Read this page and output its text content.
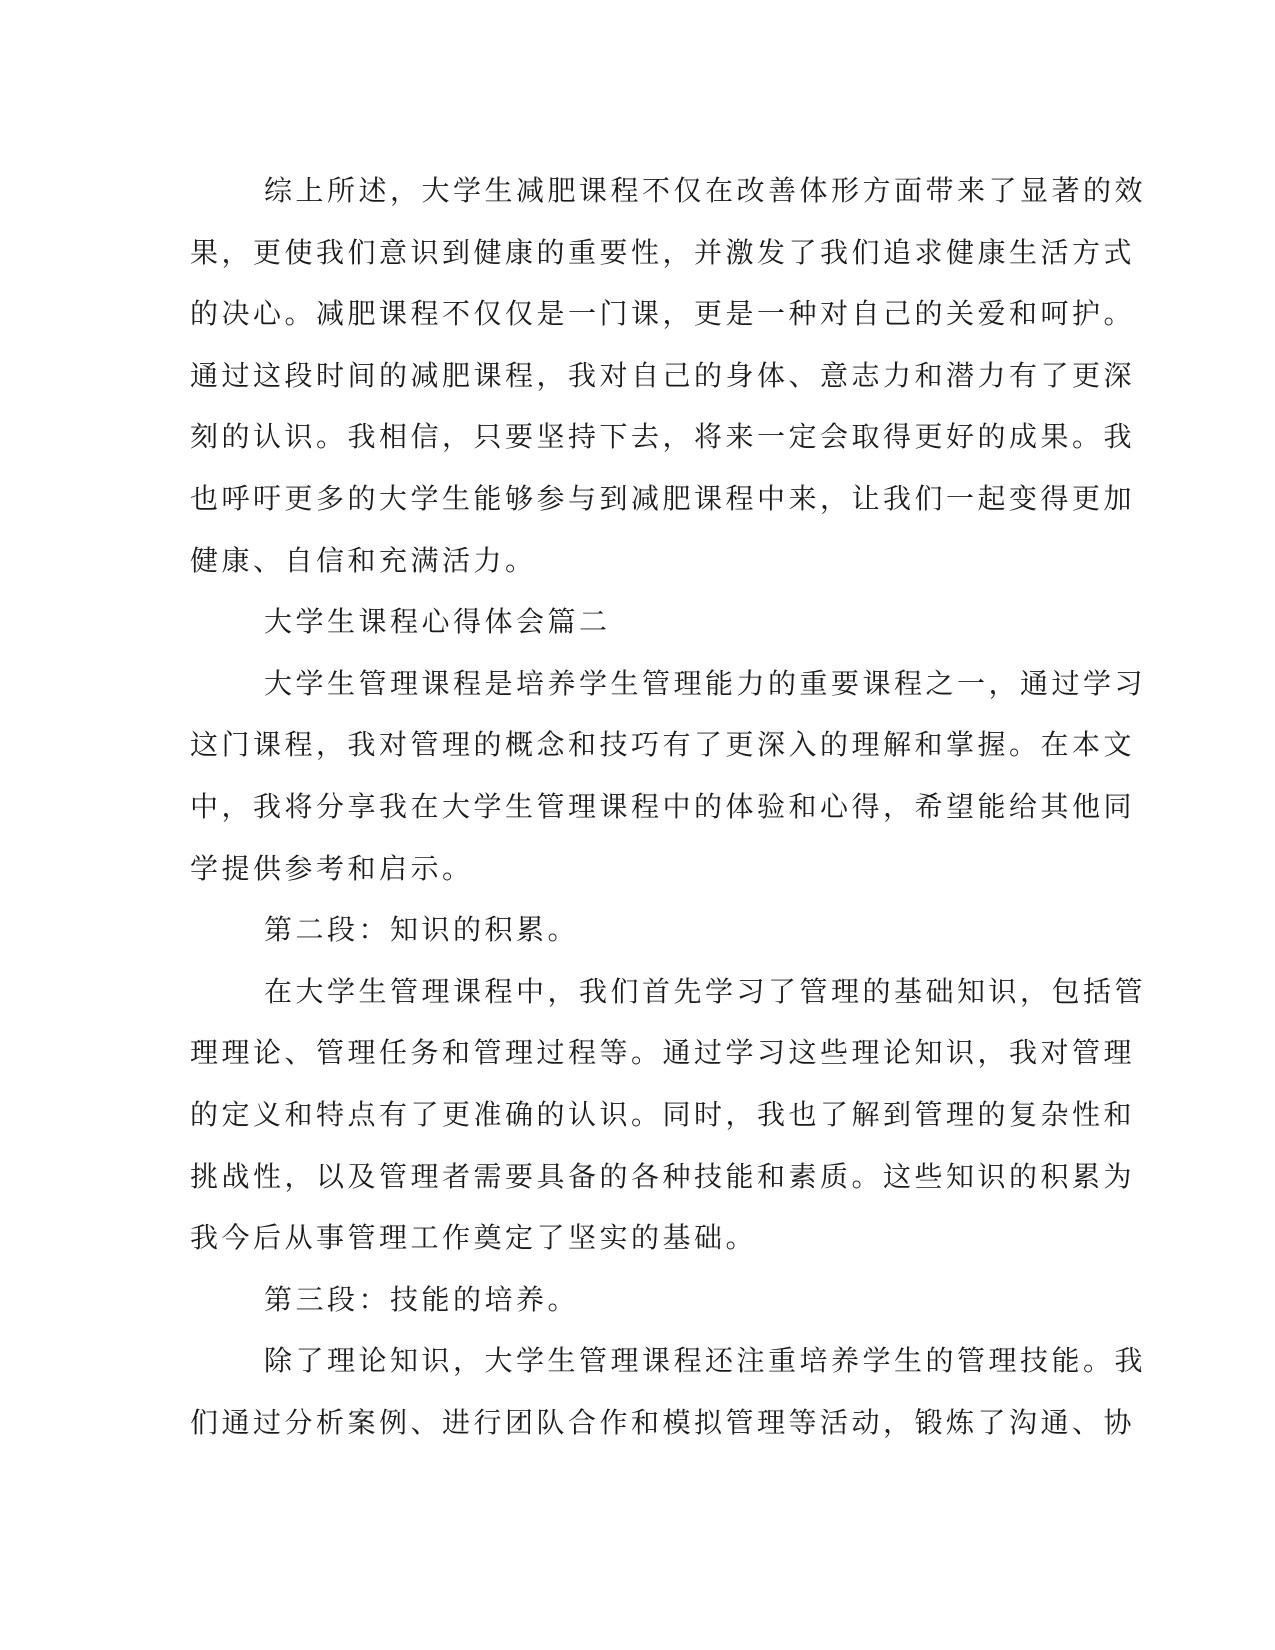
综上所述，大学生减肥课程不仅在改善体形方面带来了显著的效
果，更使我们意识到健康的重要性，并激发了我们追求健康生活方式
的决心。减肥课程不仅仅是一门课，更是一种对自己的关爱和呵护。
通过这段时间的减肥课程，我对自己的身体、意志力和潜力有了更深
刻的认识。我相信，只要坚持下去，将来一定会取得更好的成果。我
也呼吁更多的大学生能够参与到减肥课程中来，让我们一起变得更加
健康、自信和充满活力。
大学生课程心得体会篇二
大学生管理课程是培养学生管理能力的重要课程之一，通过学习
这门课程，我对管理的概念和技巧有了更深入的理解和掌握。在本文
中，我将分享我在大学生管理课程中的体验和心得，希望能给其他同
学提供参考和启示。
第二段：知识的积累。
在大学生管理课程中，我们首先学习了管理的基础知识，包括管
理理论、管理任务和管理过程等。通过学习这些理论知识，我对管理
的定义和特点有了更准确的认识。同时，我也了解到管理的复杂性和
挑战性，以及管理者需要具备的各种技能和素质。这些知识的积累为
我今后从事管理工作奠定了坚实的基础。
第三段：技能的培养。
除了理论知识，大学生管理课程还注重培养学生的管理技能。我
们通过分析案例、进行团队合作和模拟管理等活动，锻炼了沟通、协
